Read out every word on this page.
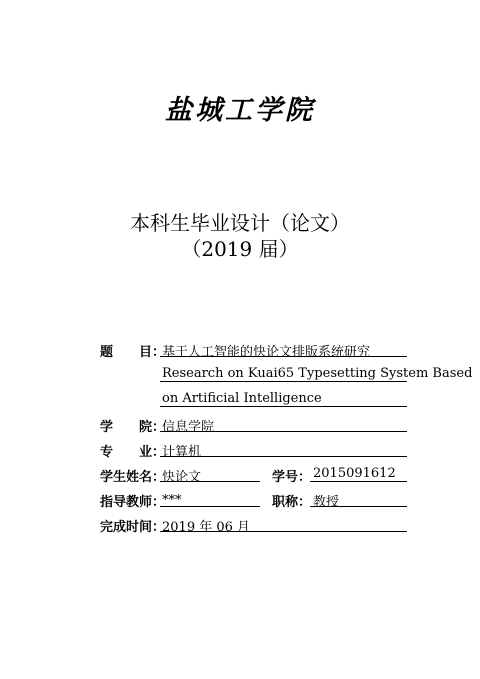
盐城工学院
本科生毕业设计（论文）
（2019 届）
题　　目：
基于人工智能的快论文排版系统研究
Research on Kuai65 Typesetting System Based
on Artificial Intelligence
学　　院：
信息学院
专　　业：
计算机
学生姓名：
快论文	学号： 2015091612
指导教师：
***	职称： 教授
完成时间：
2019 年 06 月
